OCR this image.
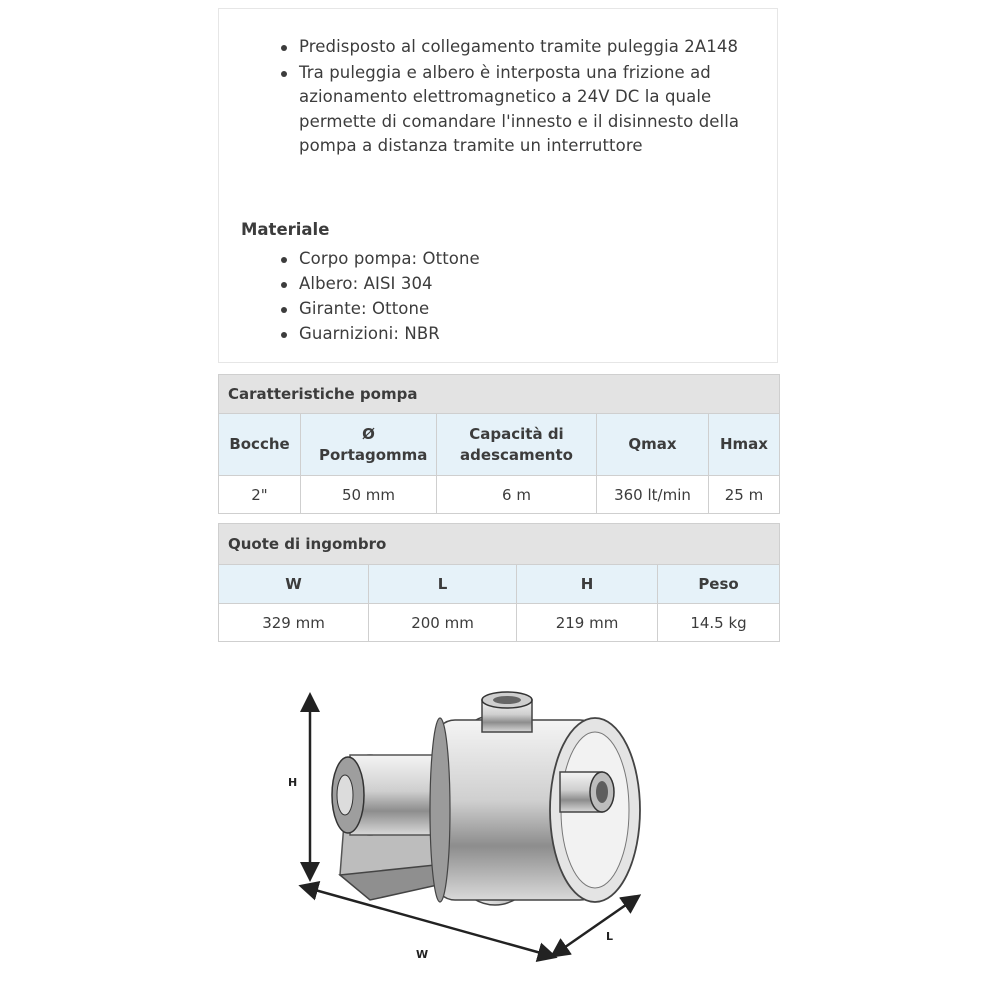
Predisposto al collegamento tramite puleggia 2A148
Tra puleggia e albero è interposta una frizione ad azionamento elettromagnetico a 24V DC la quale permette di comandare l'innesto e il disinnesto della pompa a distanza tramite un interruttore
Materiale
Corpo pompa: Ottone
Albero: AISI 304
Girante: Ottone
Guarnizioni: NBR
Caratteristiche pompa				
Bocche	Ø Portagomma	Capacità di adescamento	Qmax	Hmax
2"	50 mm	6 m	360 lt/min	25 m
Quote di ingombro			
W	L	H	Peso
329 mm	200 mm	219 mm	14.5 kg
H
W
L
